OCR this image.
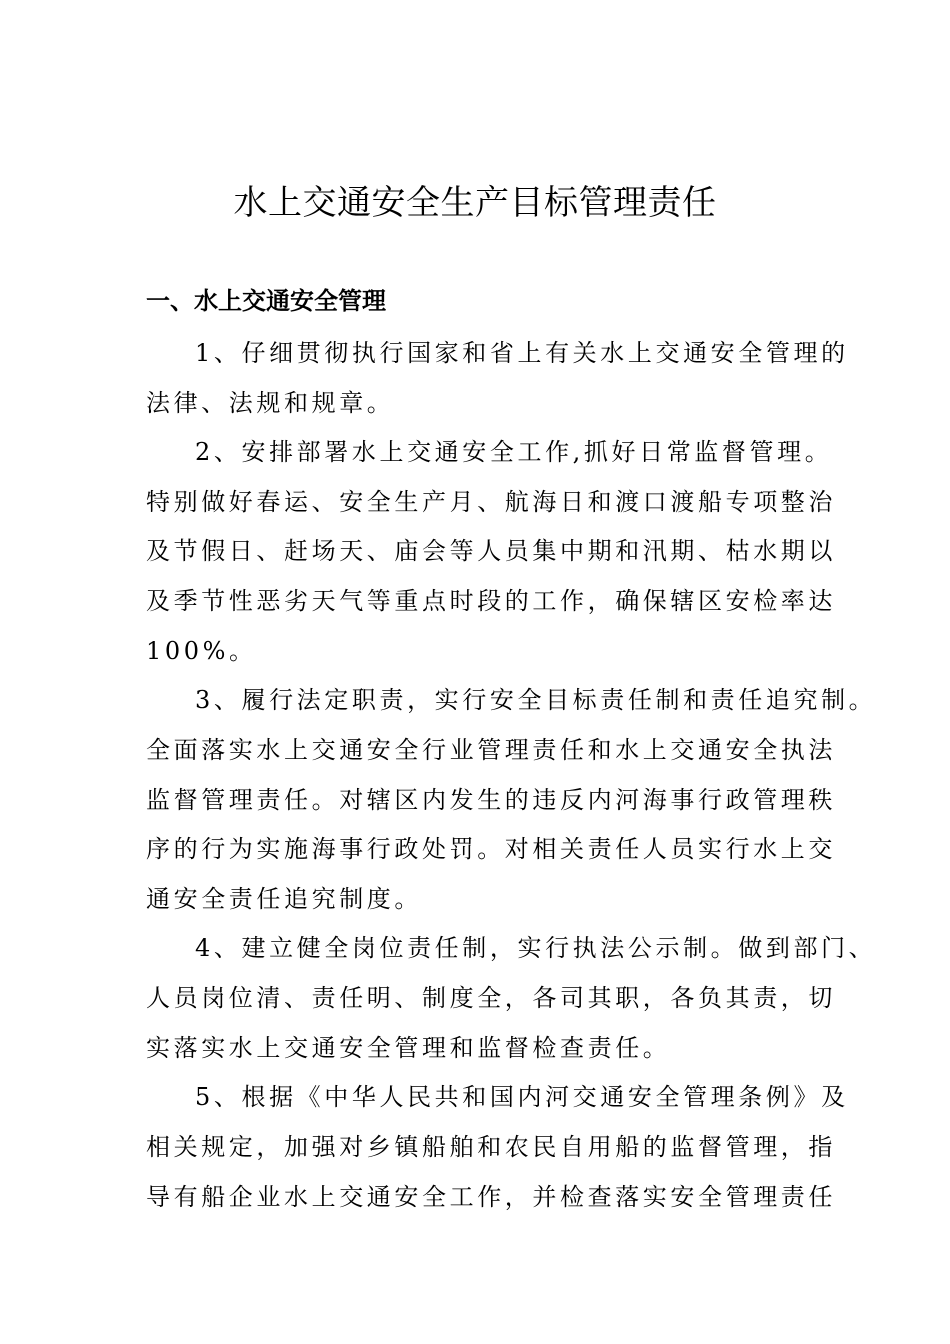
水上交通安全生产目标管理责任
一、水上交通安全管理

1、仔细贯彻执行国家和省上有关水上交通安全管理的

法律、法规和规章。

2、安排部署水上交通安全工作,抓好日常监督管理。

特别做好春运、安全生产月、航海日和渡口渡船专项整治

及节假日、赶场天、庙会等人员集中期和汛期、枯水期以

及季节性恶劣天气等重点时段的工作，确保辖区安检率达

100%。

3、履行法定职责，实行安全目标责任制和责任追究制。

全面落实水上交通安全行业管理责任和水上交通安全执法

监督管理责任。对辖区内发生的违反内河海事行政管理秩

序的行为实施海事行政处罚。对相关责任人员实行水上交

通安全责任追究制度。

4、建立健全岗位责任制，实行执法公示制。做到部门、

人员岗位清、责任明、制度全，各司其职，各负其责，切

实落实水上交通安全管理和监督检查责任。

5、根据《中华人民共和国内河交通安全管理条例》及

相关规定，加强对乡镇船舶和农民自用船的监督管理，指

导有船企业水上交通安全工作，并检查落实安全管理责任
